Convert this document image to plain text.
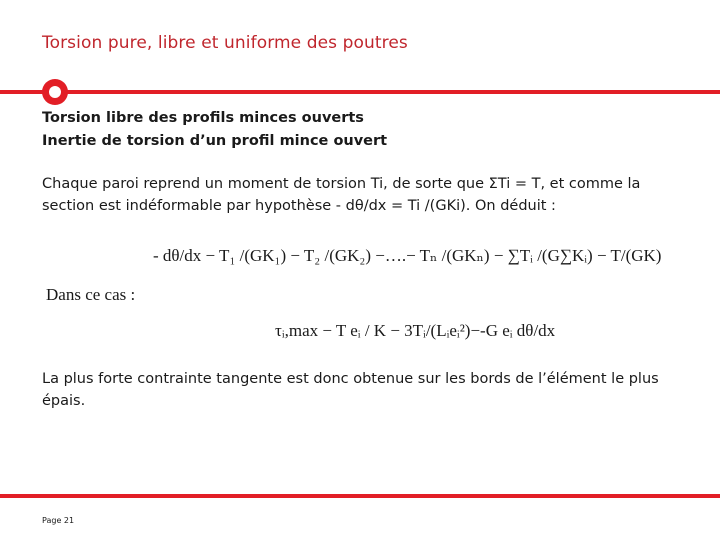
Torsion pure, libre et uniforme des poutres
Torsion libre des profils minces ouverts
Inertie de torsion d’un profil mince ouvert
Chaque paroi reprend un moment de torsion Ti, de sorte que ΣTi = T, et comme la section est indéformable par hypothèse - dθ/dx = Ti /(GKi). On déduit :
- dθ/dx − T₁ /(GK₁) − T₂ /(GK₂) −….− Tₙ /(GKₙ) − ∑Tᵢ /(G∑Kᵢ) − T/(GK)
Dans ce cas :
τᵢ,max − T eᵢ / K − 3Tᵢ/(Lᵢeᵢ²)−-G eᵢ dθ/dx
La plus forte contrainte tangente est donc obtenue sur les bords de l’élément le plus épais.
Page 21
